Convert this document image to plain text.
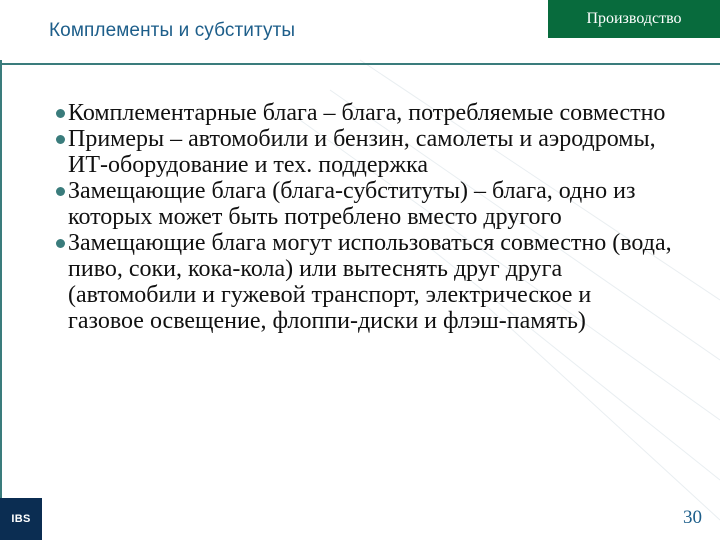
Комплементы и субституты
Производство
Комплементарные блага – блага, потребляемые совместно
Примеры – автомобили и бензин, самолеты и аэродромы, ИТ-оборудование и тех. поддержка
Замещающие блага (блага-субституты) – блага, одно из которых может быть потреблено вместо другого
Замещающие блага могут использоваться совместно (вода, пиво, соки, кока-кола) или вытеснять друг друга (автомобили и гужевой транспорт, электрическое и газовое освещение, флоппи-диски и флэш-память)
IBS	30
